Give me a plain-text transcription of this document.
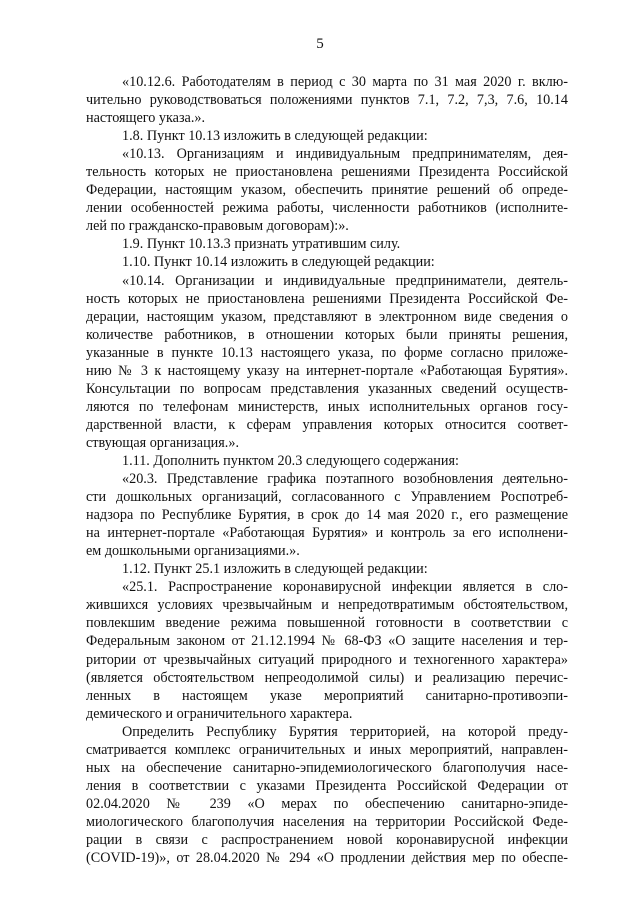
5
«10.12.6. Работодателям в период с 30 марта по 31 мая 2020 г. вклю-
чительно руководствоваться положениями пунктов 7.1, 7.2, 7,3, 7.6, 10.14
настоящего указа.».
1.8. Пункт 10.13 изложить в следующей редакции:
«10.13. Организациям и индивидуальным предпринимателям, дея-
тельность которых не приостановлена решениями Президента Российской
Федерации, настоящим указом, обеспечить принятие решений об опреде-
лении особенностей режима работы, численности работников (исполните-
лей по гражданско-правовым договорам):».
1.9. Пункт 10.13.3 признать утратившим силу.
1.10. Пункт 10.14 изложить в следующей редакции:
«10.14. Организации и индивидуальные предприниматели, деятель-
ность которых не приостановлена решениями Президента Российской Фе-
дерации, настоящим указом, представляют в электронном виде сведения о
количестве работников, в отношении которых были приняты решения,
указанные в пункте 10.13 настоящего указа, по форме согласно приложе-
нию № 3 к настоящему указу на интернет-портале «Работающая Бурятия».
Консультации по вопросам представления указанных сведений осуществ-
ляются по телефонам министерств, иных исполнительных органов госу-
дарственной власти, к сферам управления которых относится соответ-
ствующая организация.».
1.11. Дополнить пунктом 20.3 следующего содержания:
«20.3. Представление графика поэтапного возобновления деятельно-
сти дошкольных организаций, согласованного с Управлением Роспотреб-
надзора по Республике Бурятия, в срок до 14 мая 2020 г., его размещение
на интернет-портале «Работающая Бурятия» и контроль за его исполнени-
ем дошкольными организациями.».
1.12. Пункт 25.1 изложить в следующей редакции:
«25.1. Распространение коронавирусной инфекции является в сло-
жившихся условиях чрезвычайным и непредотвратимым обстоятельством,
повлекшим введение режима повышенной готовности в соответствии с
Федеральным законом от 21.12.1994 № 68-ФЗ «О защите населения и тер-
ритории от чрезвычайных ситуаций природного и техногенного характера»
(является обстоятельством непреодолимой силы) и реализацию перечис-
ленных в настоящем указе мероприятий санитарно-противоэпи-
демического и ограничительного характера.
Определить Республику Бурятия территорией, на которой преду-
сматривается комплекс ограничительных и иных мероприятий, направлен-
ных на обеспечение санитарно-эпидемиологического благополучия насе-
ления в соответствии с указами Президента Российской Федерации от
02.04.2020 № 239 «О мерах по обеспечению санитарно-эпиде-
миологического благополучия населения на территории Российской Феде-
рации в связи с распространением новой коронавирусной инфекции
(COVID-19)», от 28.04.2020 № 294 «О продлении действия мер по обеспе-
